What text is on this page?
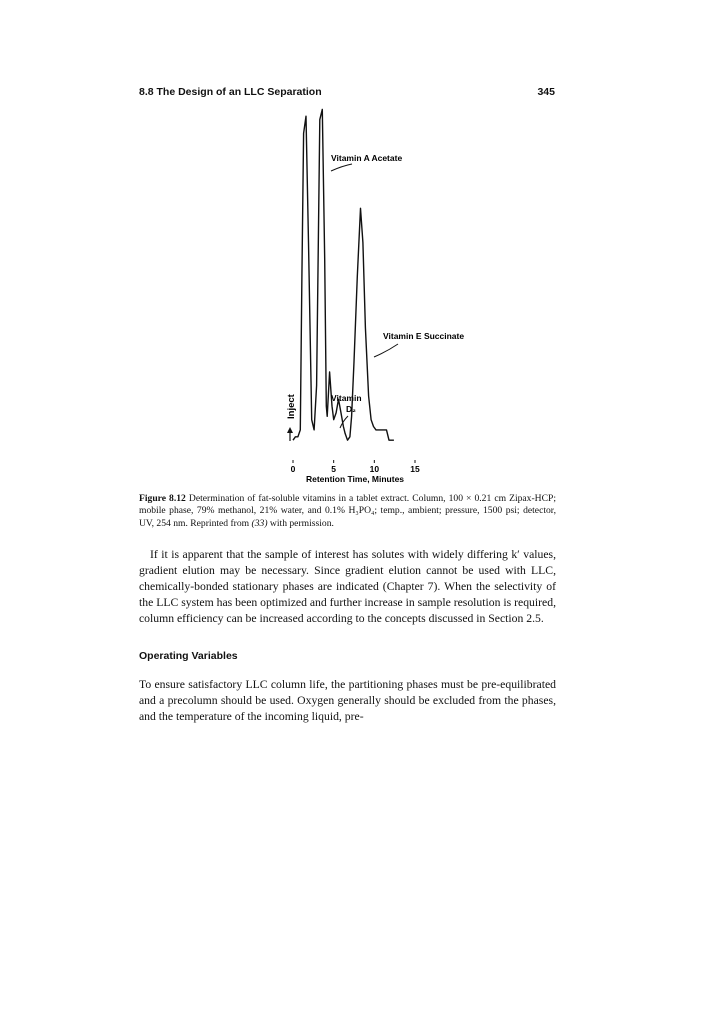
8.8 The Design of an LLC Separation	345
0	5	10	15
Inject
Vitamin A Acetate
Vitamin E Succinate
Vitamin
D₂
Retention Time, Minutes
Figure 8.12 Determination of fat-soluble vitamins in a tablet extract. Column, 100 × 0.21 cm Zipax-HCP; mobile phase, 79% methanol, 21% water, and 0.1% H₃PO₄; temp., ambient; pressure, 1500 psi; detector, UV, 254 nm. Reprinted from (33) with permission.
If it is apparent that the sample of interest has solutes with widely differing k′ values, gradient elution may be necessary. Since gradient elution cannot be used with LLC, chemically-bonded stationary phases are indicated (Chapter 7). When the selectivity of the LLC system has been optimized and further increase in sample resolution is required, column efficiency can be increased according to the concepts discussed in Section 2.5.
Operating Variables
To ensure satisfactory LLC column life, the partitioning phases must be pre-equilibrated and a precolumn should be used. Oxygen generally should be excluded from the phases, and the temperature of the incoming liquid, pre-
